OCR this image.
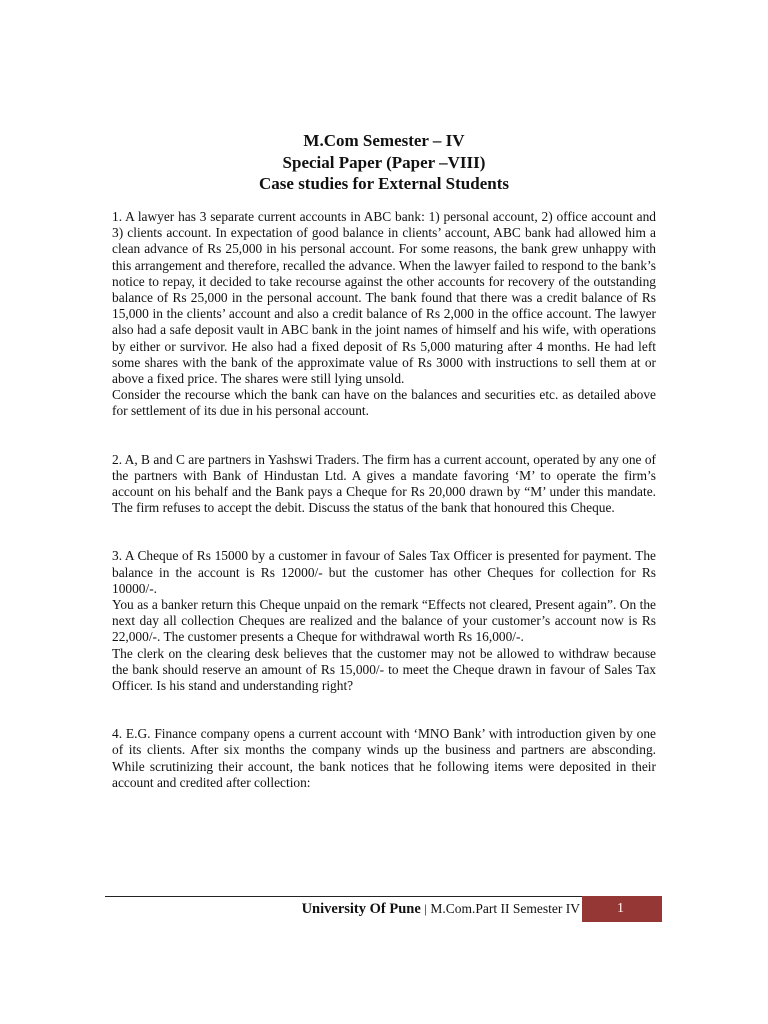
M.Com Semester – IV
Special Paper (Paper –VIII)
Case studies for External Students

1. A lawyer has 3 separate current accounts in ABC bank: 1) personal account, 2) office account and 3) clients account. In expectation of good balance in clients’ account, ABC bank had allowed him a clean advance of Rs 25,000 in his personal account. For some reasons, the bank grew unhappy with this arrangement and therefore, recalled the advance. When the lawyer failed to respond to the bank’s notice to repay, it decided to take recourse against the other accounts for recovery of the outstanding balance of Rs 25,000 in the personal account. The bank found that there was a credit balance of Rs 15,000 in the clients’ account and also a credit balance of Rs 2,000 in the office account. The lawyer also had a safe deposit vault in ABC bank in the joint names of himself and his wife, with operations by either or survivor. He also had a fixed deposit of Rs 5,000 maturing after 4 months. He had left some shares with the bank of the approximate value of Rs 3000 with instructions to sell them at or above a fixed price. The shares were still lying unsold.

Consider the recourse which the bank can have on the balances and securities etc. as detailed above for settlement of its due in his personal account.

2. A, B and C are partners in Yashswi Traders. The firm has a current account, operated by any one of the partners with Bank of Hindustan Ltd. A gives a mandate favoring ‘M’ to operate the firm’s account on his behalf and the Bank pays a Cheque for Rs 20,000 drawn by “M’ under this mandate. The firm refuses to accept the debit. Discuss the status of the bank that honoured this Cheque.

3. A Cheque of Rs 15000 by a customer in favour of Sales Tax Officer is presented for payment. The balance in the account is Rs 12000/- but the customer has other Cheques for collection for Rs 10000/-.

You as a banker return this Cheque unpaid on the remark “Effects not cleared, Present again”. On the next day all collection Cheques are realized and the balance of your customer’s account now is Rs 22,000/-. The customer presents a Cheque for withdrawal worth Rs 16,000/-.

The clerk on the clearing desk believes that the customer may not be allowed to withdraw because the bank should reserve an amount of Rs 15,000/- to meet the Cheque drawn in favour of Sales Tax Officer. Is his stand and understanding right?

4. E.G. Finance company opens a current account with ‘MNO Bank’ with introduction given by one of its clients. After six months the company winds up the business and partners are absconding. While scrutinizing their account, the bank notices that he following items were deposited in their account and credited after collection:

University Of Pune | M.Com.Part II Semester IV	1
